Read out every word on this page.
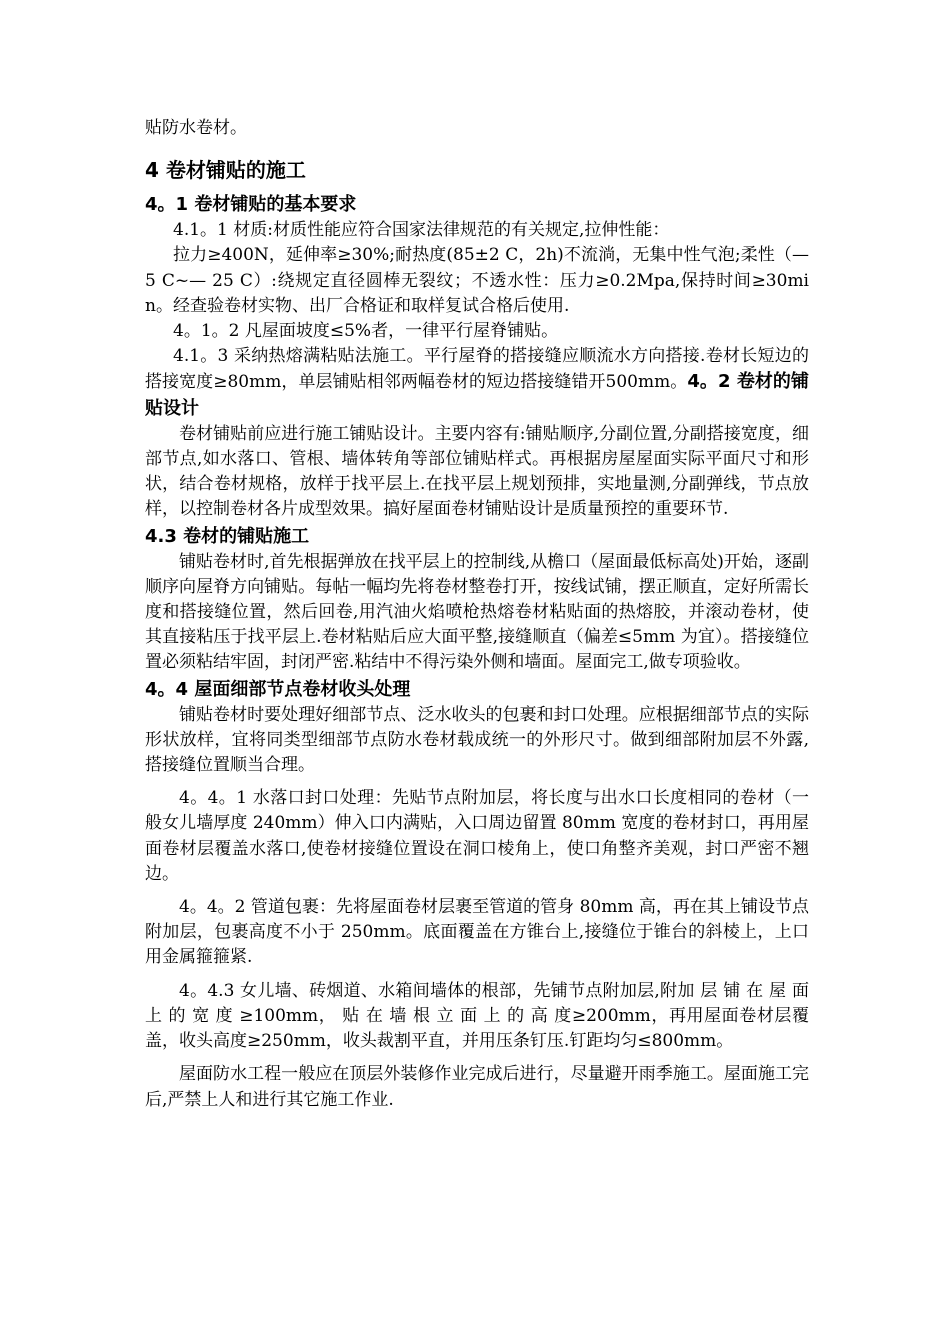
贴防水卷材。

4 卷材铺贴的施工
4。1 卷材铺贴的基本要求

4.1。1 材质:材质性能应符合国家法律规范的有关规定,拉伸性能：

拉力≥400N，延伸率≥30%;耐热度(85±2 C，2h)不流淌，无集中性气泡;柔性（— 5 C~— 25 C）:绕规定直径圆棒无裂纹；不透水性：压力≥0.2Mpa,保持时间≥30min。经查验卷材实物、出厂合格证和取样复试合格后使用.

4。1。2 凡屋面坡度≤5%者，一律平行屋脊铺贴。

4.1。3 采纳热熔满粘贴法施工。平行屋脊的搭接缝应顺流水方向搭接.卷材长短边的搭接宽度≥80mm，单层铺贴相邻两幅卷材的短边搭接缝错开500mm。4。2 卷材的铺贴设计

卷材铺贴前应进行施工铺贴设计。主要内容有:铺贴顺序,分副位置,分副搭接宽度，细部节点,如水落口、管根、墙体转角等部位铺贴样式。再根据房屋屋面实际平面尺寸和形状，结合卷材规格，放样于找平层上.在找平层上规划预排，实地量测,分副弹线，节点放样，以控制卷材各片成型效果。搞好屋面卷材铺贴设计是质量预控的重要环节.

4.3 卷材的铺贴施工

铺贴卷材时,首先根据弹放在找平层上的控制线,从檐口（屋面最低标高处)开始，逐副顺序向屋脊方向铺贴。每帖一幅均先将卷材整卷打开，按线试铺，摆正顺直，定好所需长度和搭接缝位置，然后回卷,用汽油火焰喷枪热熔卷材粘贴面的热熔胶，并滚动卷材，使其直接粘压于找平层上.卷材粘贴后应大面平整,接缝顺直（偏差≤5mm 为宜）。搭接缝位置必须粘结牢固，封闭严密.粘结中不得污染外侧和墙面。屋面完工,做专项验收。

4。4 屋面细部节点卷材收头处理

铺贴卷材时要处理好细部节点、泛水收头的包裹和封口处理。应根据细部节点的实际形状放样，宜将同类型细部节点防水卷材载成统一的外形尺寸。做到细部附加层不外露,搭接缝位置顺当合理。

4。4。1 水落口封口处理：先贴节点附加层，将长度与出水口长度相同的卷材（一般女儿墙厚度 240mm）伸入口内满贴，入口周边留置 80mm 宽度的卷材封口，再用屋面卷材层覆盖水落口,使卷材接缝位置设在洞口棱角上，使口角整齐美观，封口严密不翘边。

4。4。2 管道包裹：先将屋面卷材层裹至管道的管身 80mm 高，再在其上铺设节点附加层，包裹高度不小于 250mm。底面覆盖在方锥台上,接缝位于锥台的斜棱上，上口用金属箍箍紧.

4。4.3 女儿墙、砖烟道、水箱间墙体的根部，先铺节点附加层,附加 层 铺 在 屋 面 上 的 宽 度 ≥100mm， 贴 在 墙 根 立 面 上 的 高 度≥200mm，再用屋面卷材层覆盖，收头高度≥250mm，收头裁割平直，并用压条钉压.钉距均匀≤800mm。

屋面防水工程一般应在顶层外装修作业完成后进行，尽量避开雨季施工。屋面施工完后,严禁上人和进行其它施工作业.
